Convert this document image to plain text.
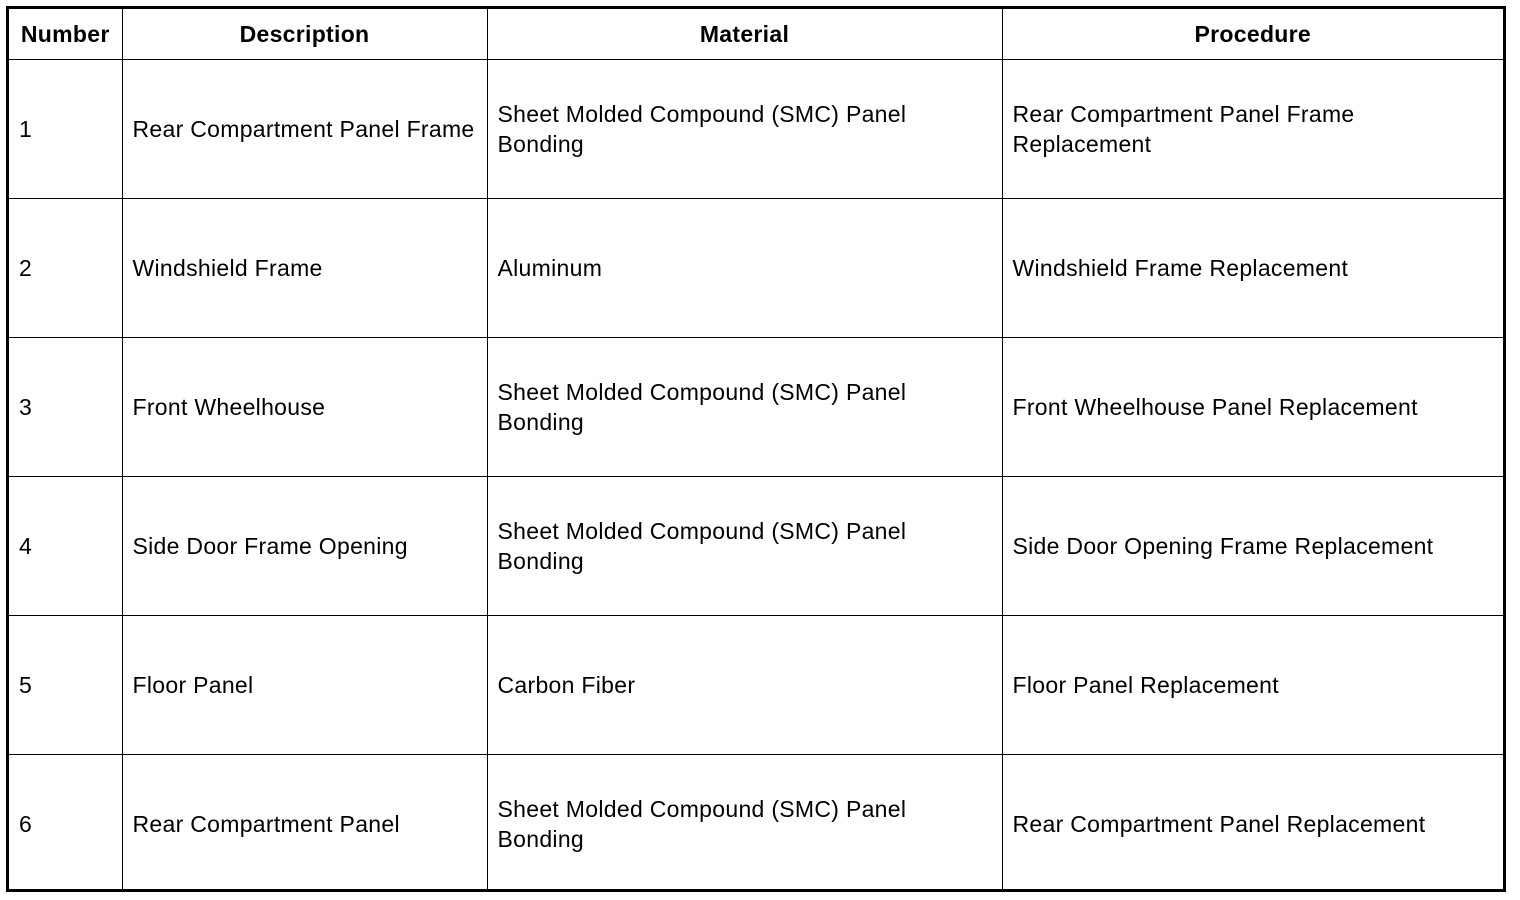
Number	Description	Material	Procedure
1	Rear Compartment Panel Frame	Sheet Molded Compound (SMC) Panel Bonding	Rear Compartment Panel Frame Replacement
2	Windshield Frame	Aluminum	Windshield Frame Replacement
3	Front Wheelhouse	Sheet Molded Compound (SMC) Panel Bonding	Front Wheelhouse Panel Replacement
4	Side Door Frame Opening	Sheet Molded Compound (SMC) Panel Bonding	Side Door Opening Frame Replacement
5	Floor Panel	Carbon Fiber	Floor Panel Replacement
6	Rear Compartment Panel	Sheet Molded Compound (SMC) Panel Bonding	Rear Compartment Panel Replacement
